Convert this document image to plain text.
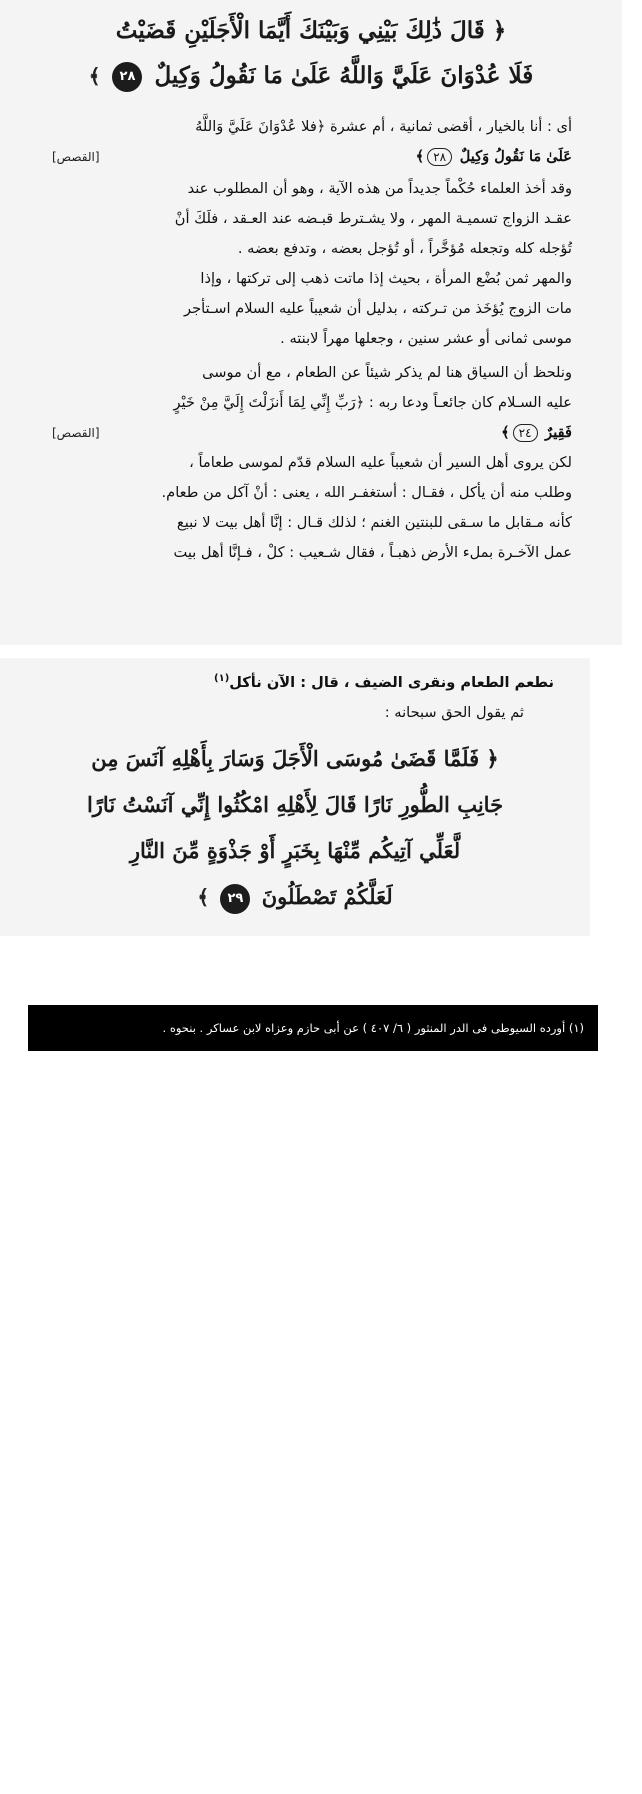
﴿ قَالَ ذَٰلِكَ بَيْنِي وَبَيْنَكَ أَيَّمَا الْأَجَلَيْنِ قَضَيْتُ
فَلَا عُدْوَانَ عَلَيَّ وَاللَّهُ عَلَىٰ مَا نَقُولُ وَكِيلٌ ٢٨ ﴾

أى : أنا بالخيار ، أقضى ثمانية ، أم عشرة ﴿فلا عُدْوَانَ عَلَيَّ وَاللَّهُ
عَلَىٰ مَا نَقُولُ وَكِيلٌ ٢٨﴾
[القصص]

وقد أخذ العلماء حُكْماً جديداً من هذه الآية ، وهو أن المطلوب عند
عقـد الزواج تسميـة المهر ، ولا يشـترط قبـضه عند العـقد ، فلَكَ أنْ
تُؤجله كله وتجعله مُؤخَّراً ، أو تُؤجل بعضه ، وتدفع بعضه .

والمهر ثمن بُضْع المرأة ، بحيث إذا ماتت ذهب إلى تركتها ، وإذا
مات الزوج يُؤخَذ من تـركته ، بدليل أن شعيباً عليه السلام اسـتأجر
موسى ثمانى أو عشر سنين ، وجعلها مهراً لابنته .

ونلحظ أن السياق هنا لم يذكر شيئاً عن الطعام ، مع أن موسى
عليه السـلام كان جائعـاً ودعا ربه : ﴿رَبِّ إِنِّي لِمَا أَنزَلْتَ إِلَيَّ مِنْ خَيْرٍ
فَقِيرٌ ٢٤﴾
[القصص]

لكن يروى أهل السير أن شعيباً عليه السلام قدّم لموسى طعاماً ،
وطلب منه أن يأكل ، فقـال : أستغفـر الله ، يعنى : أنْ آكل من طعام.
كأنه مـقابل ما سـقى للبنتين الغنم ؛ لذلك قـال : إنَّا أهل بيت لا نبيع
عمل الآخـرة بملء الأرض ذهبـاً ، فقال شـعيب : كلْ ، فـإنَّا أهل بيت

نطعم الطعام ونقرى الضيف ، قال : الآن نأكل$^{(١)}$
ثم يقول الحق سبحانه :
﴿ فَلَمَّا قَضَىٰ مُوسَى الْأَجَلَ وَسَارَ بِأَهْلِهِ آنَسَ مِن
جَانِبِ الطُّورِ نَارًا قَالَ لِأَهْلِهِ امْكُثُوا إِنِّي آنَسْتُ نَارًا
لَّعَلِّي آتِيكُم مِّنْهَا بِخَبَرٍ أَوْ جَذْوَةٍ مِّنَ النَّارِ
لَعَلَّكُمْ تَصْطَلُونَ ٢٩ ﴾
(١) أورده السيوطى فى الدر المنثور ( ٦/ ٤٠٧ ) عن أبى حازم وعزاه لابن عساكر . بنحوه .
